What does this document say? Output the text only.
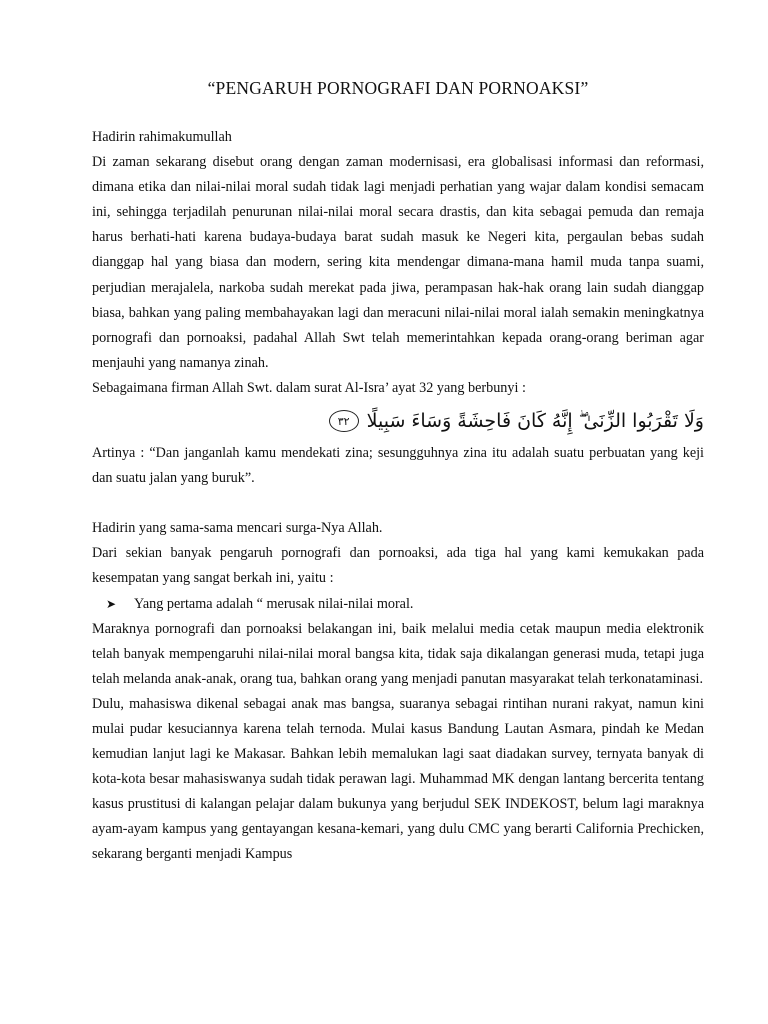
“PENGARUH PORNOGRAFI DAN PORNOAKSI”

Hadirin rahimakumullah

Di zaman sekarang disebut orang dengan zaman modernisasi, era globalisasi informasi dan reformasi, dimana etika dan nilai-nilai moral sudah tidak lagi menjadi perhatian yang wajar dalam kondisi semacam ini, sehingga terjadilah penurunan nilai-nilai moral secara drastis, dan kita sebagai pemuda dan remaja harus berhati-hati karena budaya-budaya barat sudah masuk ke Negeri kita, pergaulan bebas sudah dianggap hal yang biasa dan modern, sering kita mendengar dimana-mana hamil muda tanpa suami, perjudian merajalela, narkoba sudah merekat pada jiwa, perampasan hak-hak orang lain sudah dianggap biasa, bahkan yang paling membahayakan lagi dan meracuni nilai-nilai moral ialah semakin meningkatnya pornografi dan pornoaksi, padahal Allah Swt telah memerintahkan kepada orang-orang beriman agar menjauhi yang namanya zinah.

Sebagaimana firman Allah Swt. dalam surat Al-Isra’ ayat 32 yang berbunyi :

٣٢ وَلَا تَقْرَبُوا الزِّنَىٰ ۖ إِنَّهُ كَانَ فَاحِشَةً وَسَاءَ سَبِيلًا

Artinya : “Dan janganlah kamu mendekati zina; sesungguhnya zina itu adalah suatu perbuatan yang keji dan suatu jalan yang buruk”.

Hadirin yang sama-sama mencari surga-Nya Allah.

Dari sekian banyak pengaruh pornografi dan pornoaksi, ada tiga hal yang kami kemukakan pada kesempatan yang sangat berkah ini, yaitu :

➤	Yang pertama adalah “ merusak nilai-nilai moral.

Maraknya pornografi dan pornoaksi belakangan ini, baik melalui media cetak maupun media elektronik telah banyak mempengaruhi nilai-nilai moral bangsa kita, tidak saja dikalangan generasi muda, tetapi juga telah melanda anak-anak, orang tua, bahkan orang yang menjadi panutan masyarakat telah terkonataminasi.

Dulu, mahasiswa dikenal sebagai anak mas bangsa, suaranya sebagai rintihan nurani rakyat, namun kini mulai pudar kesuciannya karena telah ternoda. Mulai kasus Bandung Lautan Asmara, pindah ke Medan kemudian lanjut lagi ke Makasar. Bahkan lebih memalukan lagi saat diadakan survey, ternyata banyak di kota-kota besar mahasiswanya sudah tidak perawan lagi. Muhammad MK dengan lantang bercerita tentang kasus prustitusi di kalangan pelajar dalam bukunya yang berjudul SEK INDEKOST, belum lagi maraknya ayam-ayam kampus yang gentayangan kesana-kemari, yang dulu CMC yang berarti California Prechicken, sekarang berganti menjadi Kampus
